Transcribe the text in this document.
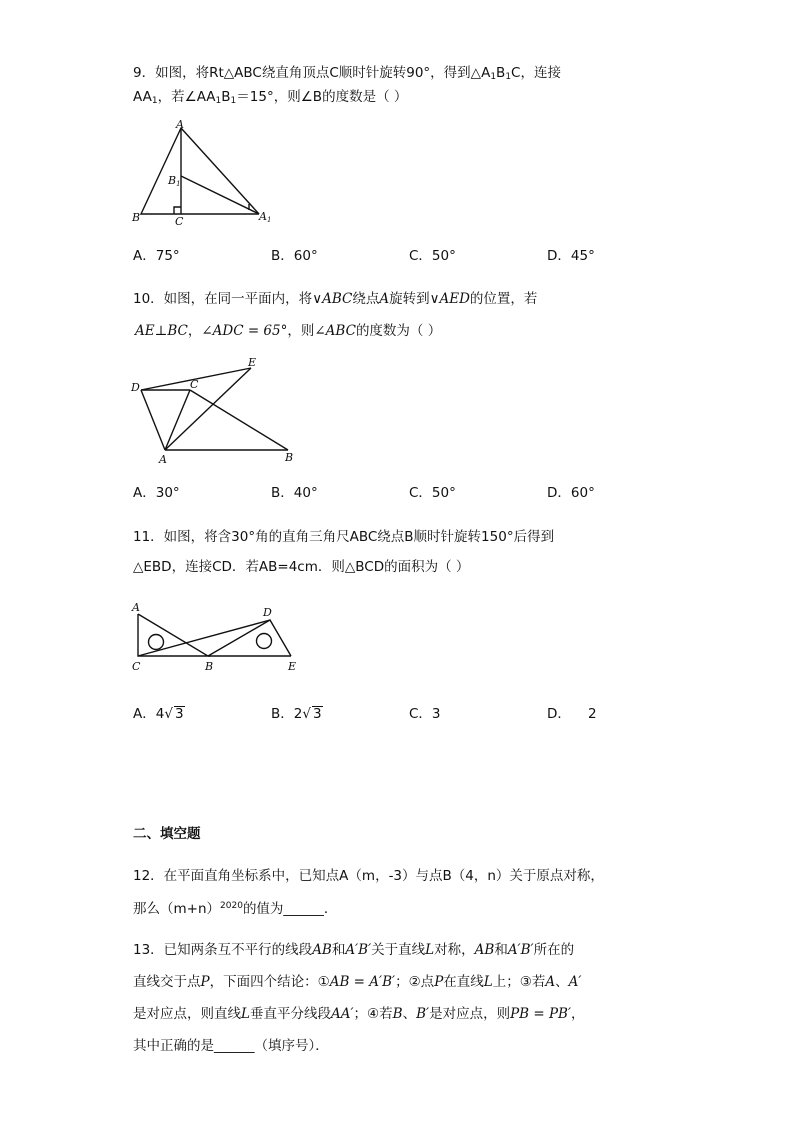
9．如图，将Rt△ABC绕直角顶点C顺时针旋转90°，得到$\triangle A_1B_1C$，连接
$AA_1$，若$\angle AA_1B_1=15^\circ$，则∠B的度数是（ ）
A
B1
B	C	A1
A．75°	B．60°	C．50°	D．45°
10．如图，在同一平面内，将∨ABC绕点A旋转到∨AED的位置，若
AE⊥BC，∠ADC = 65°，则∠ABC的度数为（ ）
D	C
E
A	B
A．30°	B．40°	C．50°	D．60°
11．如图，将含30°角的直角三角尺ABC绕点B顺时针旋转150°后得到
△EBD，连接CD．若AB=4cm．则△BCD的面积为（ ）
A	D
C	B	E
A．4√ 3	B．2√ 3	C．3	D．    2
二、填空题
12．在平面直角坐标系中，已知点A（m，-3）与点B（4，n）关于原点对称，
那么$(m+n)^{2020}$的值为______．
13．已知两条互不平行的线段AB和A′B′关于直线L对称，AB和A′B′所在的
直线交于点P，下面四个结论：①AB = A′B′；②点P在直线L上；③若A、A′
是对应点，则直线L垂直平分线段AA′；④若B、B′是对应点，则PB = PB′，
其中正确的是______（填序号）．
